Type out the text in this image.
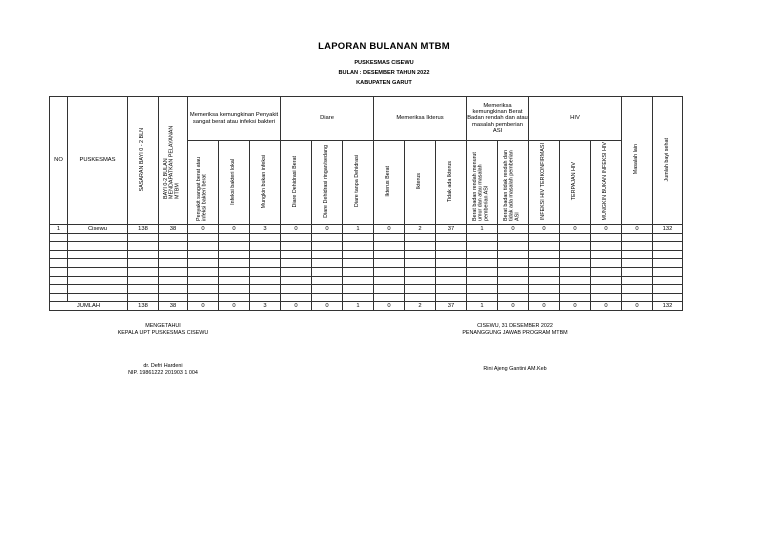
LAPORAN BULANAN MTBM
PUSKESMAS CISEWU
BULAN : DESEMBER TAHUN 2022
KABUPATEN GARUT
NO	PUSKESMAS	SASARAN BAYI 0 - 2 BLN	BAYI 0-2 BULAN MENDAPATKAN PELAYANAN MTBM	Memeriksa kemungkinan Penyakit sangat berat atau infeksi bakteri			Diare			Memeriksa Ikterus			Memeriksa kemungkinan Berat Badan rendah dan atau masalah pemberian ASI		HIV			Masalah lain	Jumlah bayi sehat
				Penyakit sangat berat atau infeksi bakteri berat	Infeksi bakteri lokal	Mungkin bukan infeksi	Diare Dehidrasi Berat	Diare Dehidrasi ringan/sedang	Diare tanpa Dehidrasi	Ikterus Berat	Ikterus	Tidak ada Ikterus	Berat badan rendah menurut umur dan atau masalah pemberian ASI	Berat badan tidak rendah dan tidak ada masalah pemberian ASI	INFEKSI HIV TERKONFIRMASI	TERPAJAN HIV	MUNGKIN BUKAN INFEKSI HIV		
1	Cisewu	138	38	0	0	3	0	0	1	0	2	37	1	0	0	0	0	0	132

JUMLAH		138	38	0	0	3	0	0	1	0	2	37	1	0	0	0	0	0	132
MENGETAHUI
KEPALA UPT PUSKESMAS CISEWU
dr. Defri Hardeni
NIP. 19861222 201903 1 004
CISEWU, 31 DESEMBER 2022
PENANGGUNG JAWAB PROGRAM MTBM
Rini Ajeng Gantini AM.Keb
